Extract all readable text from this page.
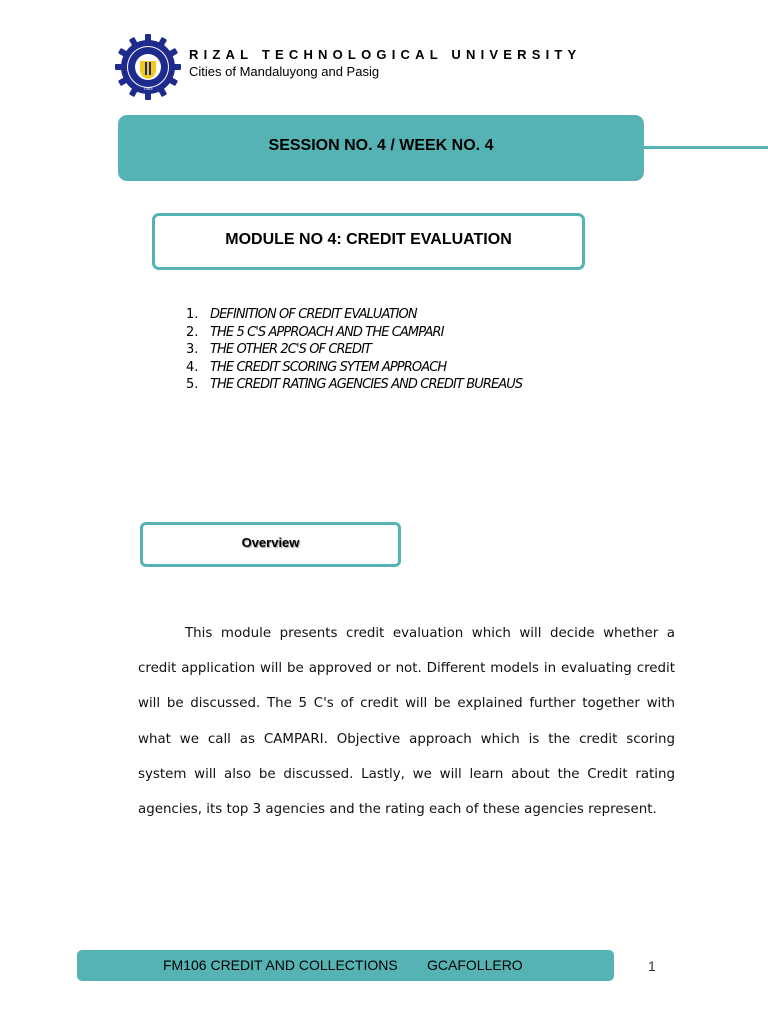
1969
RIZAL TECHNOLOGICAL UNIVERSITY
Cities of Mandaluyong and Pasig
SESSION NO. 4 / WEEK NO. 4
MODULE NO 4: CREDIT EVALUATION
1. DEFINITION OF CREDIT EVALUATION
2. THE 5 C'S APPROACH AND THE CAMPARI
3. THE OTHER 2C'S OF CREDIT
4. THE CREDIT SCORING SYTEM APPROACH
5. THE CREDIT RATING AGENCIES AND CREDIT BUREAUS
Overview

This module presents credit evaluation which will decide whether a credit application will be approved or not. Different models in evaluating credit will be discussed. The 5 C's of credit will be explained further together with what we call as CAMPARI. Objective approach which is the credit scoring system will also be discussed. Lastly, we will learn about the Credit rating agencies, its top 3 agencies and the rating each of these agencies represent.

FM106 CREDIT AND COLLECTIONS GCAFOLLERO	1
